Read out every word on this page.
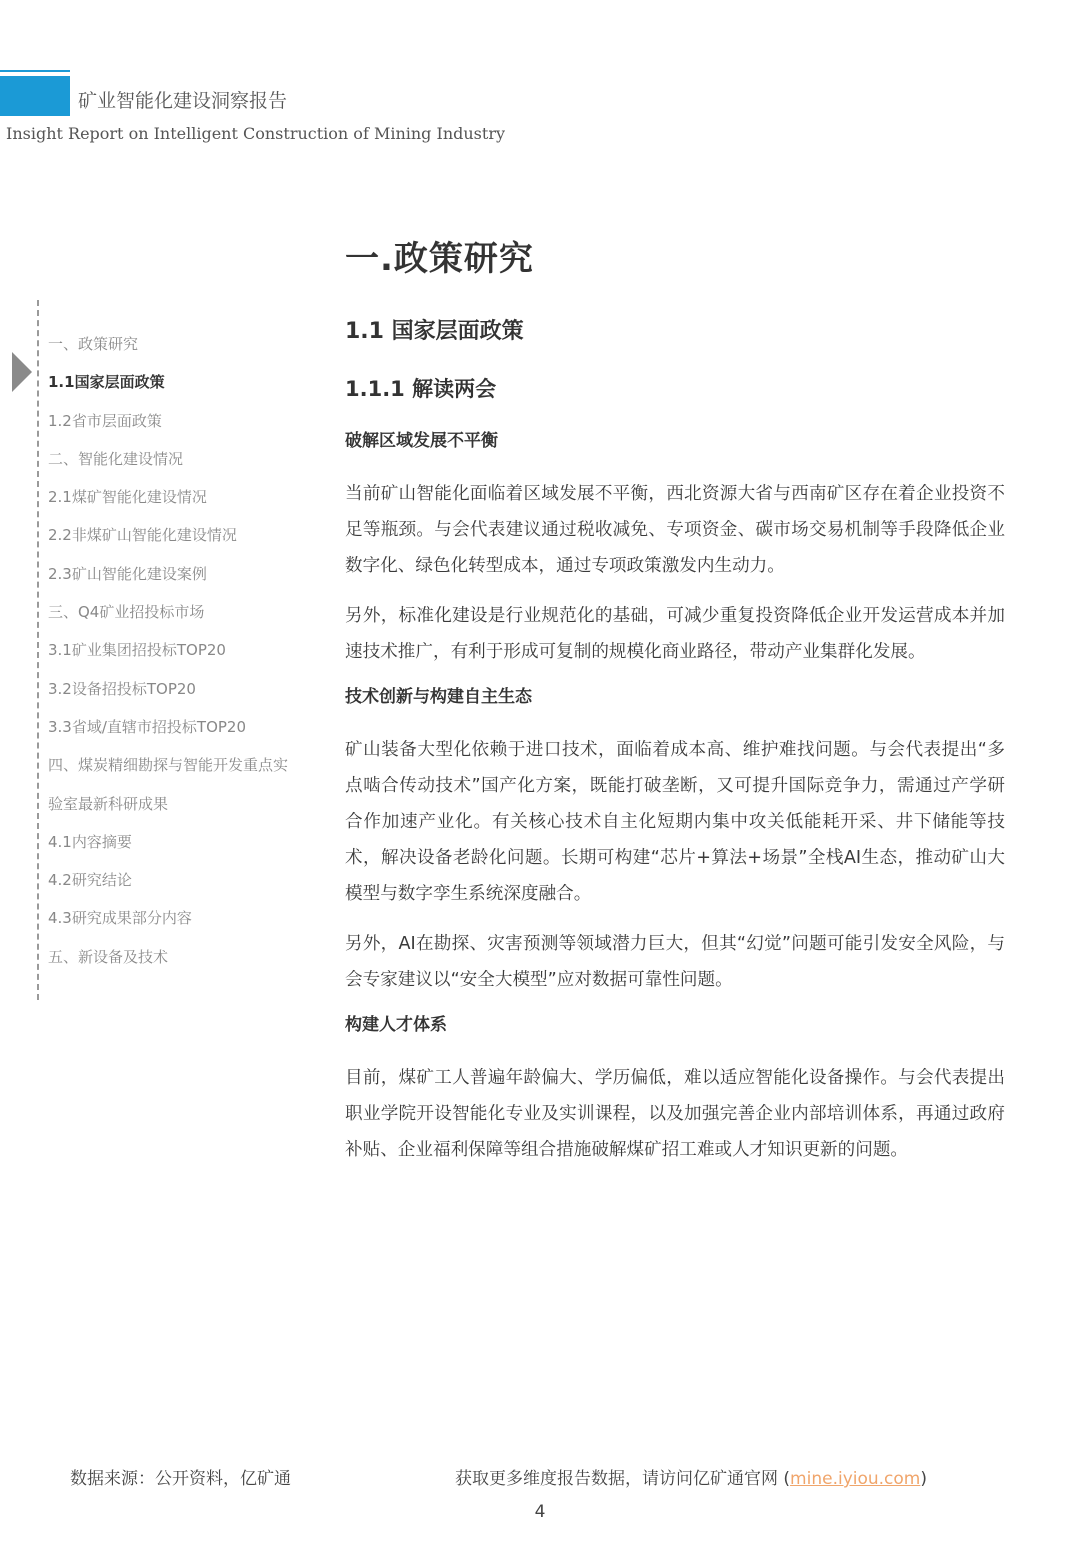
矿业智能化建设洞察报告
Insight Report on Intelligent Construction of Mining Industry
一、政策研究
1.1国家层面政策
1.2省市层面政策
二、智能化建设情况
2.1煤矿智能化建设情况
2.2非煤矿山智能化建设情况
2.3矿山智能化建设案例
三、Q4矿业招投标市场
3.1矿业集团招投标TOP20
3.2设备招投标TOP20
3.3省域/直辖市招投标TOP20
四、煤炭精细勘探与智能开发重点实
验室最新科研成果
4.1内容摘要
4.2研究结论
4.3研究成果部分内容
五、新设备及技术
一.政策研究
1.1 国家层面政策
1.1.1 解读两会
破解区域发展不平衡

当前矿山智能化面临着区域发展不平衡，西北资源大省与西南矿区存在着企业投资不足等瓶颈。与会代表建议通过税收减免、专项资金、碳市场交易机制等手段降低企业数字化、绿色化转型成本，通过专项政策激发内生动力。

另外，标准化建设是行业规范化的基础，可减少重复投资降低企业开发运营成本并加速技术推广，有利于形成可复制的规模化商业路径，带动产业集群化发展。

技术创新与构建自主生态

矿山装备大型化依赖于进口技术，面临着成本高、维护难找问题。与会代表提出“多点啮合传动技术”国产化方案，既能打破垄断，又可提升国际竞争力，需通过产学研合作加速产业化。有关核心技术自主化短期内集中攻关低能耗开采、井下储能等技术，解决设备老龄化问题。长期可构建“芯片+算法+场景”全栈AI生态，推动矿山大模型与数字孪生系统深度融合。

另外，AI在勘探、灾害预测等领域潜力巨大，但其“幻觉”问题可能引发安全风险，与会专家建议以“安全大模型”应对数据可靠性问题。

构建人才体系

目前，煤矿工人普遍年龄偏大、学历偏低，难以适应智能化设备操作。与会代表提出职业学院开设智能化专业及实训课程，以及加强完善企业内部培训体系，再通过政府补贴、企业福利保障等组合措施破解煤矿招工难或人才知识更新的问题。

数据来源：公开资料，亿矿通	获取更多维度报告数据，请访问亿矿通官网 (mine.iyiou.com)
4
